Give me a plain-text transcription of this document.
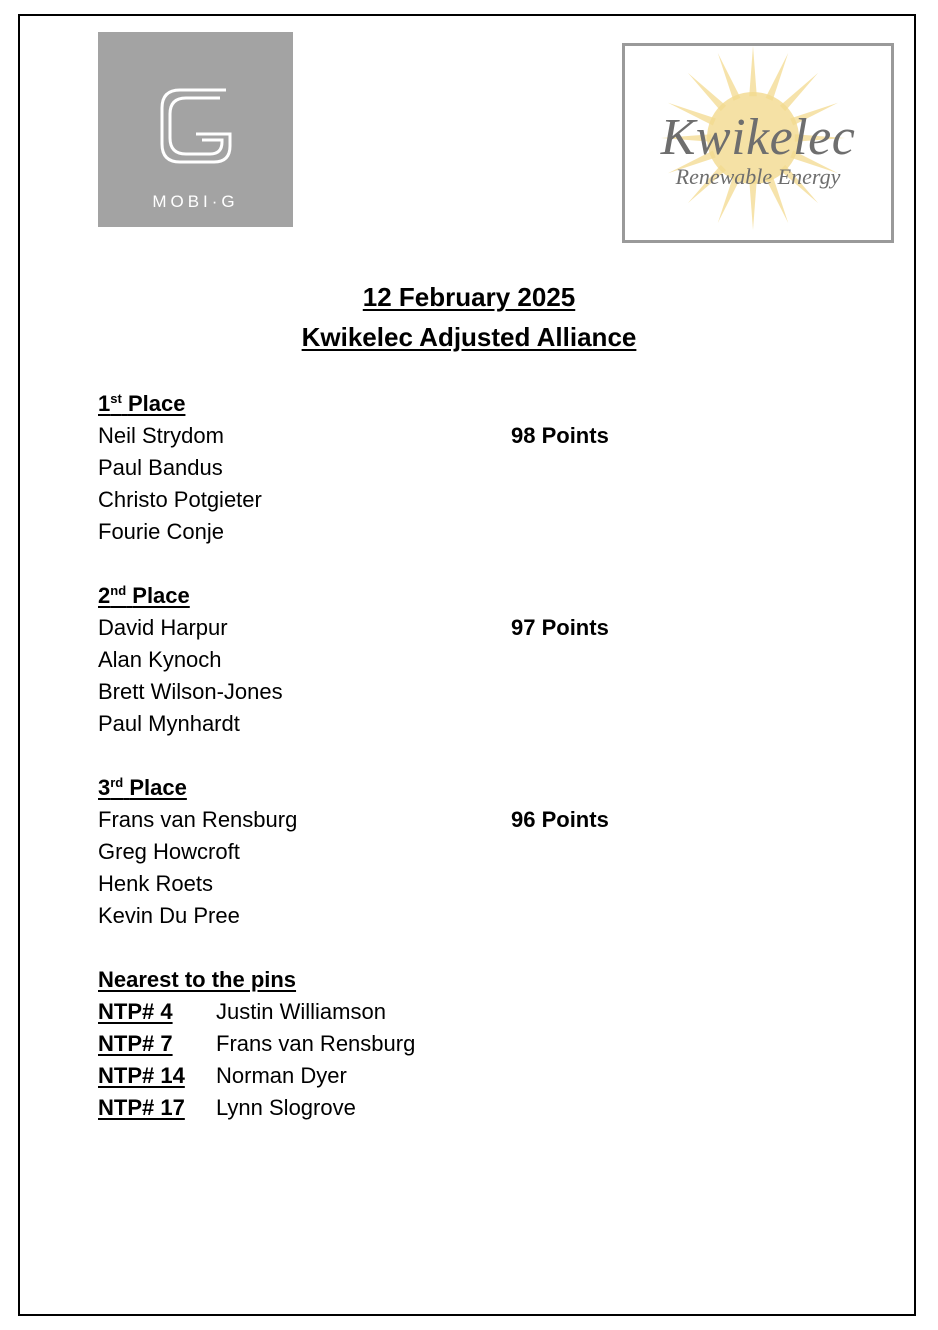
MOBI·G
Kwikelec
Renewable Energy
12 February 2025
Kwikelec Adjusted Alliance
1st Place
Neil Strydom	98 Points
Paul Bandus
Christo Potgieter
Fourie Conje
2nd Place
David Harpur	97 Points
Alan Kynoch
Brett Wilson-Jones
Paul Mynhardt
3rd Place
Frans van Rensburg	96 Points
Greg Howcroft
Henk Roets
Kevin Du Pree
Nearest to the pins
NTP# 4 Justin Williamson
NTP# 7 Frans van Rensburg
NTP# 14 Norman Dyer
NTP# 17 Lynn Slogrove
